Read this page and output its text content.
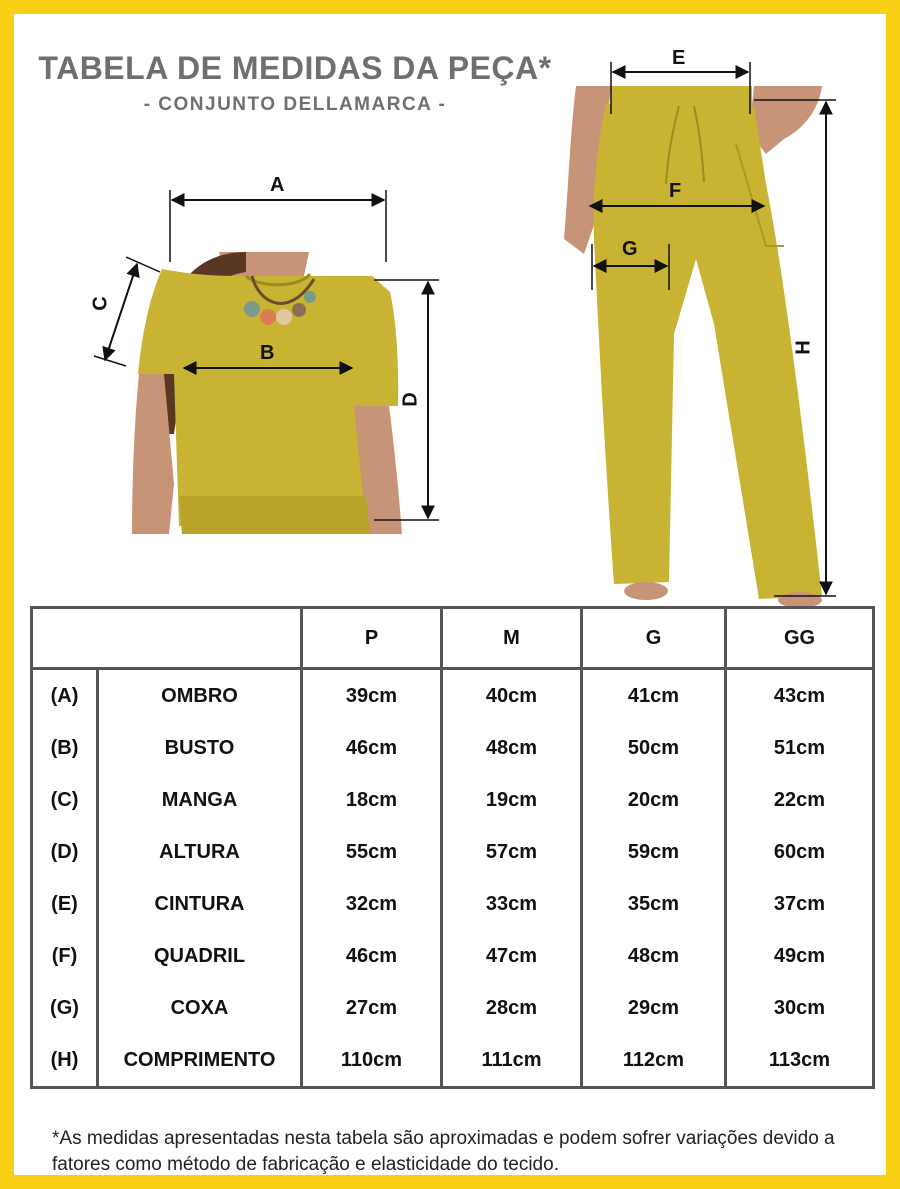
TABELA DE MEDIDAS DA PEÇA*
- CONJUNTO DELLAMARCA -
A
B
C
D
E
F
G
H
		P	M	G	GG
(A)	OMBRO	39cm	40cm	41cm	43cm
(B)	BUSTO	46cm	48cm	50cm	51cm
(C)	MANGA	18cm	19cm	20cm	22cm
(D)	ALTURA	55cm	57cm	59cm	60cm
(E)	CINTURA	32cm	33cm	35cm	37cm
(F)	QUADRIL	46cm	47cm	48cm	49cm
(G)	COXA	27cm	28cm	29cm	30cm
(H)	COMPRIMENTO	110cm	111cm	112cm	113cm
*As medidas apresentadas nesta tabela são aproximadas e podem sofrer variações devido a fatores como método de fabricação e elasticidade do tecido.
